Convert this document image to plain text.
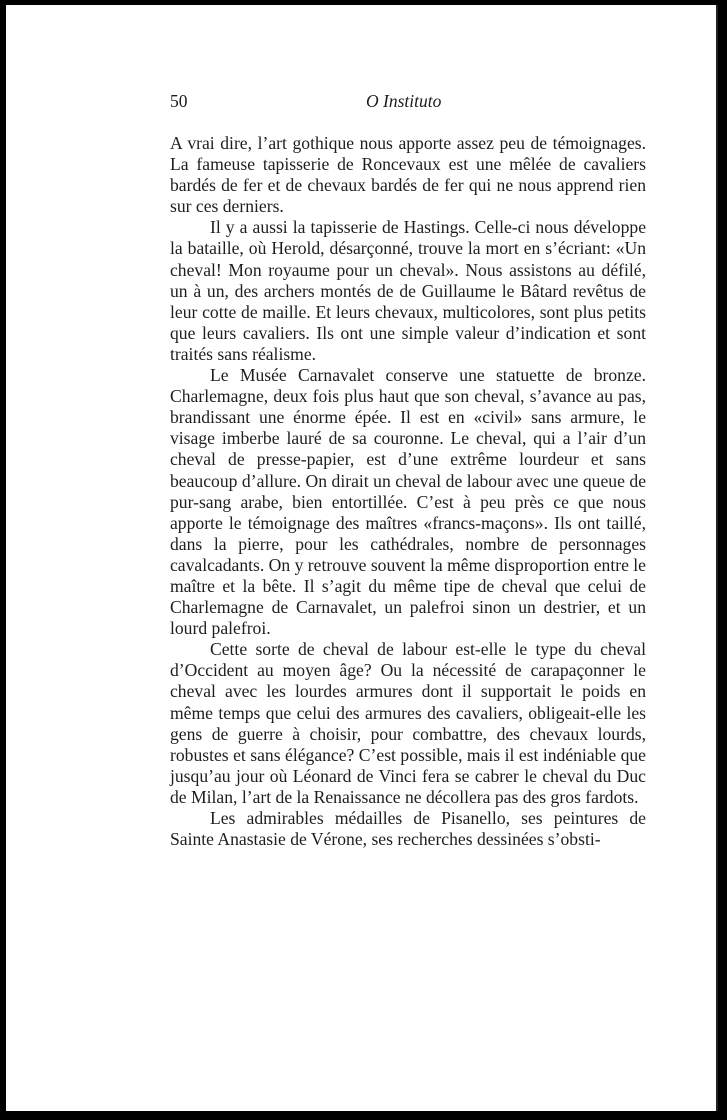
50	O Instituto

A vrai dire, l’art gothique nous apporte assez peu de témoignages. La fameuse tapisserie de Roncevaux est une mêlée de cavaliers bardés de fer et de chevaux bardés de fer qui ne nous apprend rien sur ces derniers.

Il y a aussi la tapisserie de Hastings. Celle-ci nous développe la bataille, où Herold, désarçonné, trouve la mort en s’écriant: «Un cheval! Mon royaume pour un cheval». Nous assistons au défilé, un à un, des archers montés de de Guillaume le Bâtard revêtus de leur cotte de maille. Et leurs chevaux, multicolores, sont plus petits que leurs cavaliers. Ils ont une simple valeur d’indication et sont traités sans réalisme.

Le Musée Carnavalet conserve une statuette de bronze. Charlemagne, deux fois plus haut que son cheval, s’avance au pas, brandissant une énorme épée. Il est en «civil» sans armure, le visage imberbe lauré de sa couronne. Le cheval, qui a l’air d’un cheval de presse-papier, est d’une extrême lourdeur et sans beaucoup d’allure. On dirait un cheval de labour avec une queue de pur-sang arabe, bien entortillée. C’est à peu près ce que nous apporte le témoignage des maîtres «francs-maçons». Ils ont taillé, dans la pierre, pour les cathédrales, nombre de personnages cavalcadants. On y retrouve souvent la même disproportion entre le maître et la bête. Il s’agit du même tipe de cheval que celui de Charlemagne de Carnavalet, un palefroi sinon un destrier, et un lourd palefroi.

Cette sorte de cheval de labour est-elle le type du cheval d’Occident au moyen âge? Ou la nécessité de carapaçonner le cheval avec les lourdes armures dont il supportait le poids en même temps que celui des armures des cavaliers, obligeait-elle les gens de guerre à choisir, pour combattre, des chevaux lourds, robustes et sans élégance? C’est possible, mais il est indéniable que jusqu’au jour où Léonard de Vinci fera se cabrer le cheval du Duc de Milan, l’art de la Renaissance ne décollera pas des gros fardots.

Les admirables médailles de Pisanello, ses peintures de Sainte Anastasie de Vérone, ses recherches dessinées s’obsti-
